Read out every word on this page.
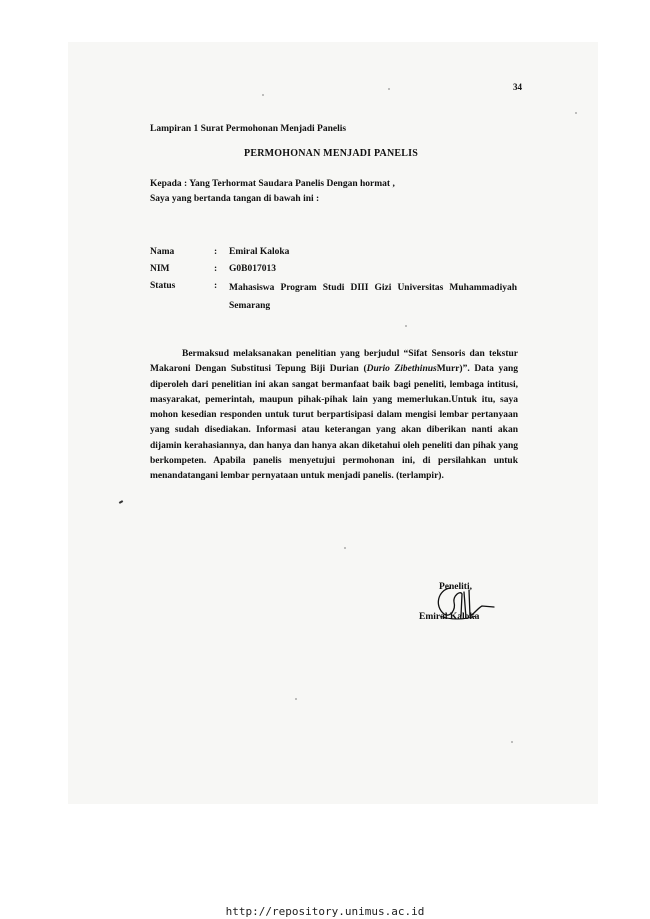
34
Lampiran 1 Surat Permohonan Menjadi Panelis
PERMOHONAN MENJADI PANELIS
Kepada : Yang Terhormat Saudara Panelis Dengan hormat ,
Saya yang bertanda tangan di bawah ini :
Nama	: Emiral Kaloka
NIM	: G0B017013
Status	: Mahasiswa Program Studi DIII Gizi Universitas Muhammadiyah
Semarang
Bermaksud melaksanakan penelitian yang berjudul “Sifat Sensoris dan tekstur Makaroni Dengan Substitusi Tepung Biji Durian (Durio ZibethinusMurr)”. Data yang diperoleh dari penelitian ini akan sangat bermanfaat baik bagi peneliti, lembaga intitusi, masyarakat, pemerintah, maupun pihak-pihak lain yang memerlukan.Untuk itu, saya mohon kesedian responden untuk turut berpartisipasi dalam mengisi lembar pertanyaan yang sudah disediakan. Informasi atau keterangan yang akan diberikan nanti akan dijamin kerahasiannya, dan hanya dan hanya akan diketahui oleh peneliti dan pihak yang berkompeten. Apabila panelis menyetujui permohonan ini, di persilahkan untuk menandatangani lembar pernyataan untuk menjadi panelis. (terlampir).
Peneliti,
Emiral Kaloka
http://repository.unimus.ac.id
